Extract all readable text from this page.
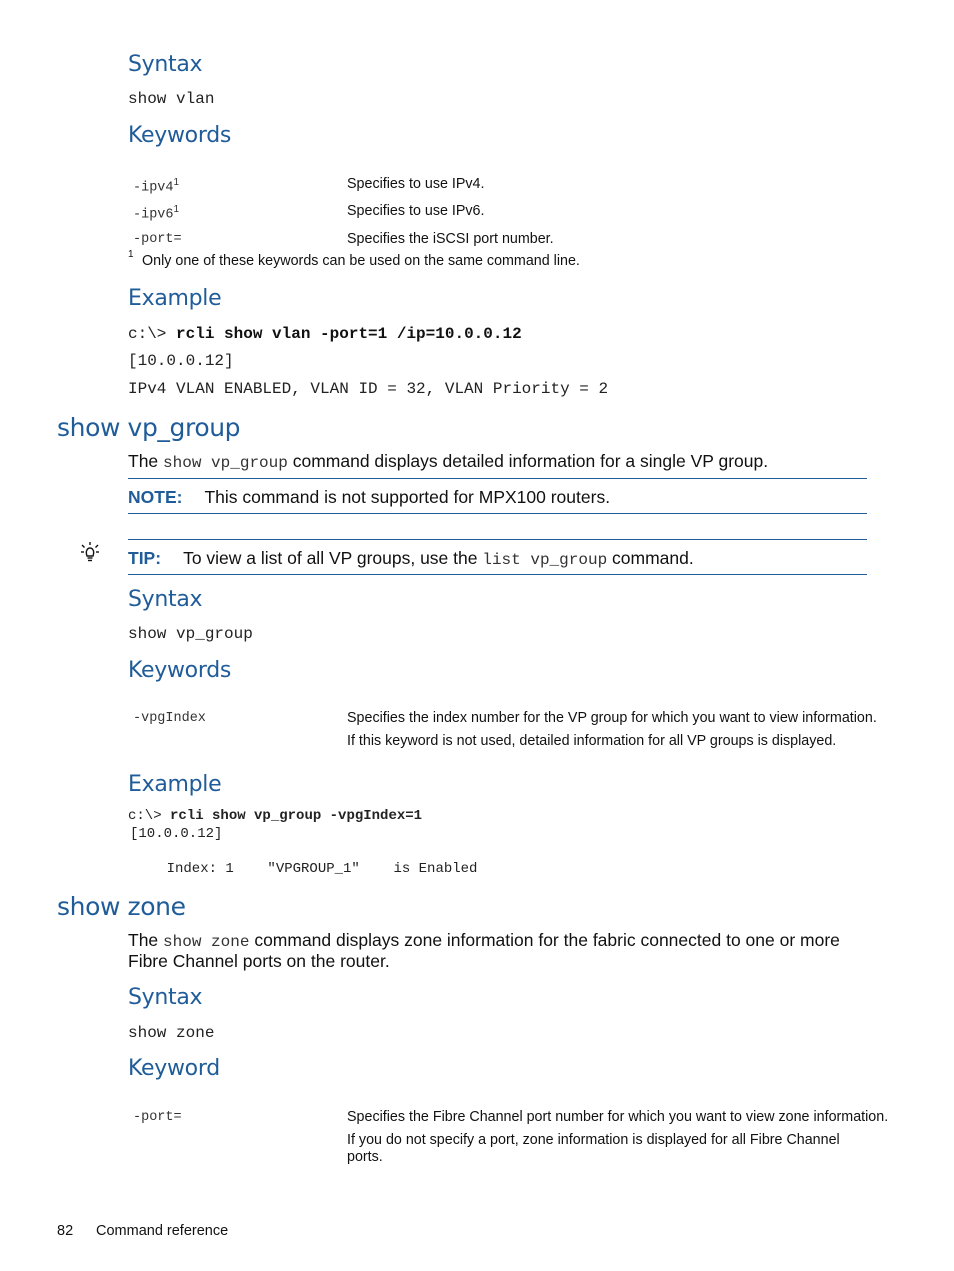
Syntax
show vlan
Keywords
$-ipv4^1$	Specifies to use IPv4.
$-ipv6^1$	Specifies to use IPv6.
-port=	Specifies the iSCSI port number.
1 Only one of these keywords can be used on the same command line.
Example
c:\> rcli show vlan -port=1 /ip=10.0.0.12
[10.0.0.12]
IPv4 VLAN ENABLED, VLAN ID = 32, VLAN Priority = 2
show vp_group
The show vp_group command displays detailed information for a single VP group.
NOTE: This command is not supported for MPX100 routers.
TIP: To view a list of all VP groups, use the list vp_group command.
Syntax
show vp_group
Keywords
-vpgIndex	Specifies the index number for the VP group for which you want to view information.
If this keyword is not used, detailed information for all VP groups is displayed.
Example
c:\> rcli show vp_group -vpgIndex=1
[10.0.0.12]
Index: 1    "VPGROUP_1"    is Enabled
show zone
The show zone command displays zone information for the fabric connected to one or more
Fibre Channel ports on the router.
Syntax
show zone
Keyword
-port=	Specifies the Fibre Channel port number for which you want to view zone information.
If you do not specify a port, zone information is displayed for all Fibre Channel
ports.
82 Command reference
